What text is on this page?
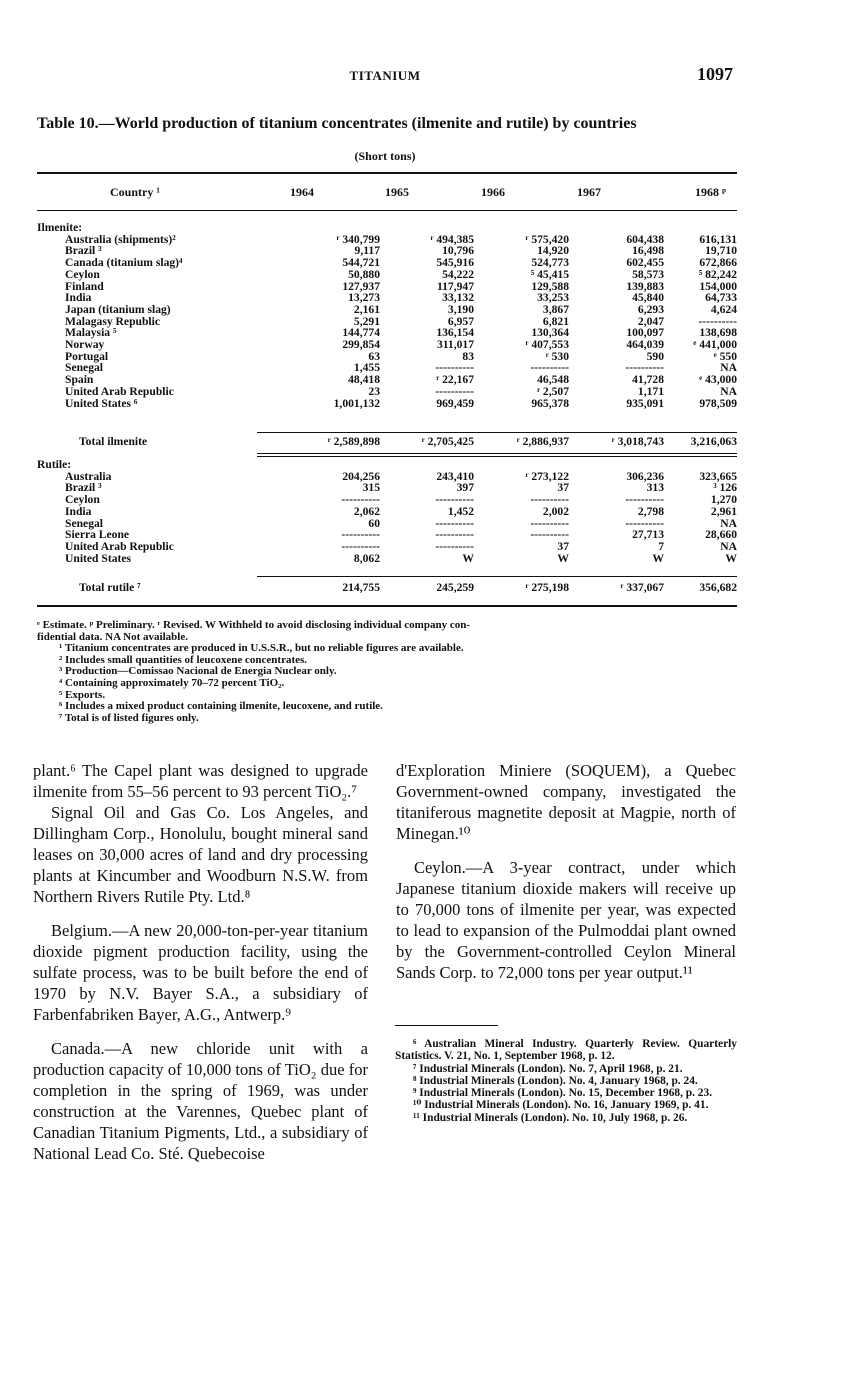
TITANIUM	1097
Table 10.—World production of titanium concentrates (ilmenite and rutile) by countries
(Short tons)
Country ¹	1964	1965	1966	1967	1968 ᵖ
Ilmenite:					
Australia (shipments)²	ʳ 340,799	ʳ 494,385	ʳ 575,420	604,438	616,131
Brazil ³	9,117	10,796	14,920	16,498	19,710
Canada (titanium slag)⁴	544,721	545,916	524,773	602,455	672,866
Ceylon	50,880	54,222	⁵ 45,415	58,573	⁵ 82,242
Finland	127,937	117,947	129,588	139,883	154,000
India	13,273	33,132	33,253	45,840	64,733
Japan (titanium slag)	2,161	3,190	3,867	6,293	4,624
Malagasy Republic	5,291	6,957	6,821	2,047	----------
Malaysia ⁵	144,774	136,154	130,364	100,097	138,698
Norway	299,854	311,017	ʳ 407,553	464,039	ᵉ 441,000
Portugal	63	83	ʳ 530	590	ᵉ 550
Senegal	1,455	----------	----------	----------	NA
Spain	48,418	ʳ 22,167	46,548	41,728	ᵉ 43,000
United Arab Republic	23	----------	ʳ 2,507	1,171	NA
United States ⁶	1,001,132	969,459	965,378	935,091	978,509
Total ilmenite	ʳ 2,589,898	ʳ 2,705,425	ʳ 2,886,937	ʳ 3,018,743	3,216,063
Rutile:					
Australia	204,256	243,410	ʳ 273,122	306,236	323,665
Brazil ³	315	397	37	313	³ 126
Ceylon	----------	----------	----------	----------	1,270
India	2,062	1,452	2,002	2,798	2,961
Senegal	60	----------	----------	----------	NA
Sierra Leone	----------	----------	----------	27,713	28,660
United Arab Republic	----------	----------	37	7	NA
United States	8,062	W	W	W	W
Total rutile ⁷	214,755	245,259	ʳ 275,198	ʳ 337,067	356,682
ᵉ Estimate. ᵖ Preliminary. ʳ Revised. W Withheld to avoid disclosing individual company con-
fidential data. NA Not available.
¹ Titanium concentrates are produced in U.S.S.R., but no reliable figures are available.
² Includes small quantities of leucoxene concentrates.
³ Production—Comissao Nacional de Energia Nuclear only.
⁴ Containing approximately 70–72 percent TiO₂.
⁵ Exports.
⁶ Includes a mixed product containing ilmenite, leucoxene, and rutile.
⁷ Total is of listed figures only.

plant.⁶ The Capel plant was designed to upgrade ilmenite from 55–56 percent to 93 percent TiO₂.⁷

Signal Oil and Gas Co. Los Angeles, and Dillingham Corp., Honolulu, bought mineral sand leases on 30,000 acres of land and dry processing plants at Kincumber and Woodburn N.S.W. from Northern Rivers Rutile Pty. Ltd.⁸

Belgium.—A new 20,000-ton-per-year titanium dioxide pigment production facility, using the sulfate process, was to be built before the end of 1970 by N.V. Bayer S.A., a subsidiary of Farbenfabriken Bayer, A.G., Antwerp.⁹

Canada.—A new chloride unit with a production capacity of 10,000 tons of TiO₂ due for completion in the spring of 1969, was under construction at the Varennes, Quebec plant of Canadian Titanium Pigments, Ltd., a subsidiary of National Lead Co. Sté. Quebecoise

d'Exploration Miniere (SOQUEM), a Quebec Government-owned company, investigated the titaniferous magnetite deposit at Magpie, north of Minegan.¹⁰

Ceylon.—A 3-year contract, under which Japanese titanium dioxide makers will receive up to 70,000 tons of ilmenite per year, was expected to lead to expansion of the Pulmoddai plant owned by the Government-controlled Ceylon Mineral Sands Corp. to 72,000 tons per year output.¹¹

⁶ Australian Mineral Industry. Quarterly Review. Quarterly Statistics. V. 21, No. 1, September 1968, p. 12.

⁷ Industrial Minerals (London). No. 7, April 1968, p. 21.

⁸ Industrial Minerals (London). No. 4, January 1968, p. 24.

⁹ Industrial Minerals (London). No. 15, December 1968, p. 23.

¹⁰ Industrial Minerals (London). No. 16, January 1969, p. 41.

¹¹ Industrial Minerals (London). No. 10, July 1968, p. 26.
